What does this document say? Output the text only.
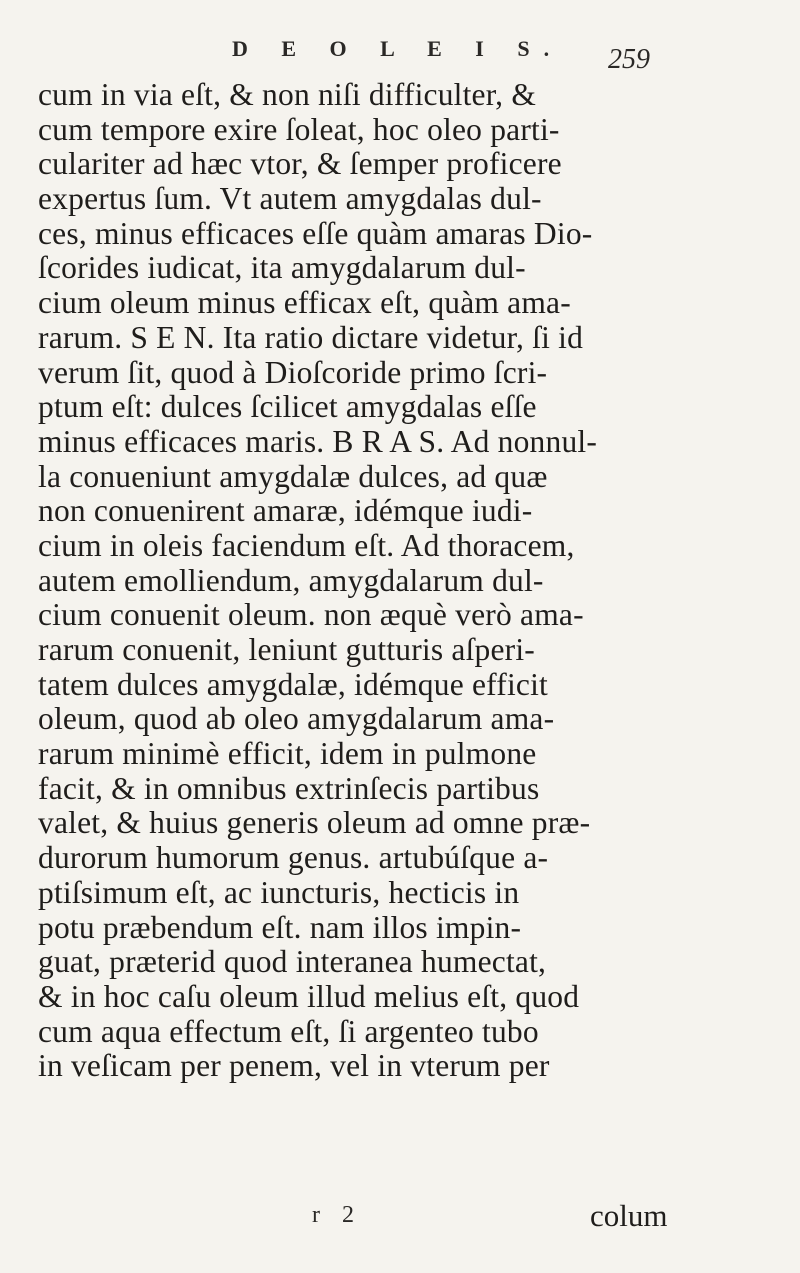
D E O L E I S. 259
cum in via eſt, & non niſi difficulter, &
cum tempore exire ſoleat, hoc oleo parti-
culariter ad hæc vtor, & ſemper proficere
expertus ſum. Vt autem amygdalas dul-
ces, minus efficaces eſſe quàm amaras Dio-
ſcorides iudicat, ita amygdalarum dul-
cium oleum minus efficax eſt, quàm ama-
rarum. S E N. Ita ratio dictare videtur, ſi id
verum ſit, quod à Dioſcoride primo ſcri-
ptum eſt: dulces ſcilicet amygdalas eſſe
minus efficaces maris. B R A S. Ad nonnul-
la conueniunt amygdalæ dulces, ad quæ
non conuenirent amaræ, idémque iudi-
cium in oleis faciendum eſt. Ad thoracem,
autem emolliendum, amygdalarum dul-
cium conuenit oleum. non æquè verò ama-
rarum conuenit, leniunt gutturis aſperi-
tatem dulces amygdalæ, idémque efficit
oleum, quod ab oleo amygdalarum ama-
rarum minimè efficit, idem in pulmone
facit, & in omnibus extrinſecis partibus
valet, & huius generis oleum ad omne præ-
durorum humorum genus. artubúſque a-
ptiſsimum eſt, ac iuncturis, hecticis in
potu præbendum eſt. nam illos impin-
guat, præterid quod interanea humectat,
& in hoc caſu oleum illud melius eſt, quod
cum aqua effectum eſt, ſi argenteo tubo
in veſicam per penem, vel in vterum per
r 2	colum
